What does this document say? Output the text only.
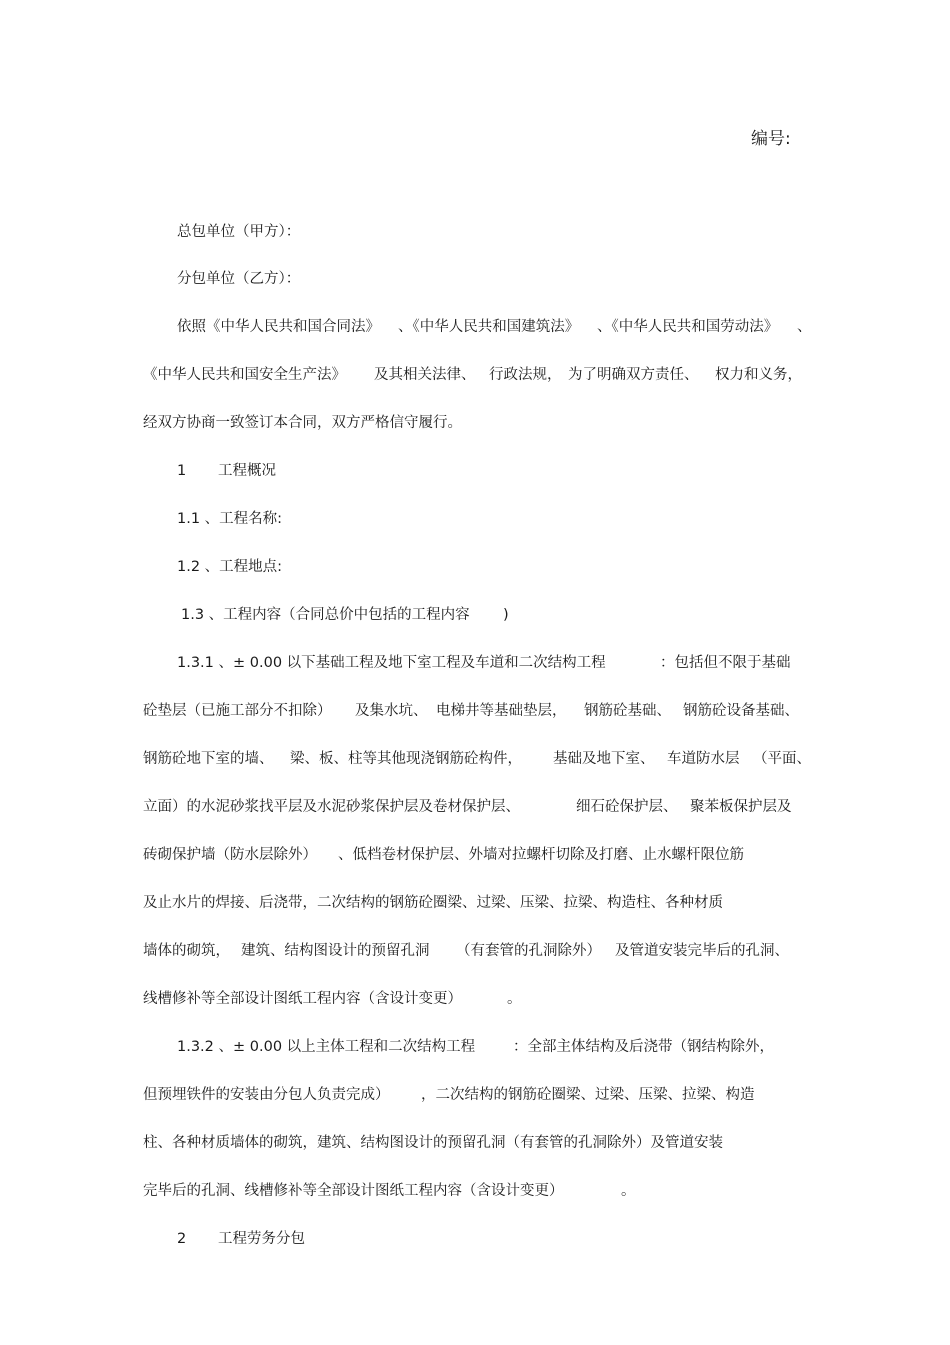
编号:
总包单位（甲方）：
分包单位（乙方）：
依照《中华人民共和国合同法》 、《中华人民共和国建筑法》 、《中华人民共和国劳动法》 、
《中华人民共和国安全生产法》 及其相关法律、 行政法规， 为了明确双方责任、 权力和义务，
经双方协商一致签订本合同，双方严格信守履行。
1 工程概况
1.1 、工程名称:
1.2 、工程地点:
1.3 、工程内容（合同总价中包括的工程内容 )
1.3.1 、± 0.00 以下基础工程及地下室工程及车道和二次结构工程	：包括但不限于基础
砼垫层（已施工部分不扣除） 及集水坑、 电梯井等基础垫层， 钢筋砼基础、 钢筋砼设备基础、
钢筋砼地下室的墙、 梁、板、柱等其他现浇钢筋砼构件， 基础及地下室、 车道防水层 （平面、
立面）的水泥砂浆找平层及水泥砂浆保护层及卷材保护层、	细石砼保护层、 聚苯板保护层及
砖砌保护墙（防水层除外） 、低档卷材保护层、外墙对拉螺杆切除及打磨、止水螺杆限位筋
及止水片的焊接、后浇带，二次结构的钢筋砼圈梁、过梁、压梁、拉梁、构造柱、各种材质
墙体的砌筑， 建筑、结构图设计的预留孔洞 （有套管的孔洞除外） 及管道安装完毕后的孔洞、
线槽修补等全部设计图纸工程内容（含设计变更）	。
1.3.2 、± 0.00 以上主体工程和二次结构工程	：全部主体结构及后浇带（钢结构除外，
但预埋铁件的安装由分包人负责完成） ，二次结构的钢筋砼圈梁、过梁、压梁、拉梁、构造
柱、各种材质墙体的砌筑，建筑、结构图设计的预留孔洞（有套管的孔洞除外）及管道安装
完毕后的孔洞、线槽修补等全部设计图纸工程内容（含设计变更）	。
2 工程劳务分包
